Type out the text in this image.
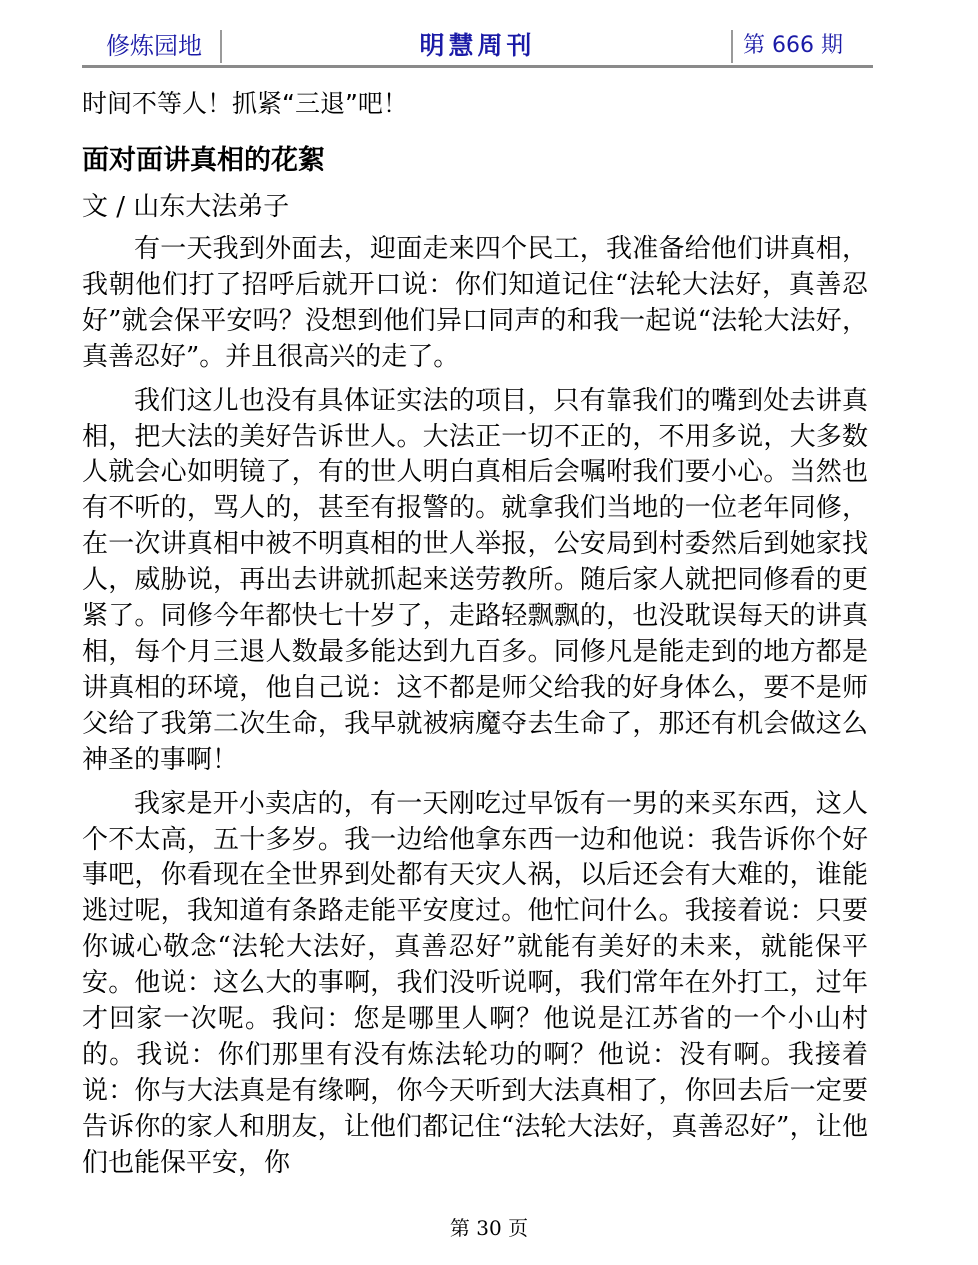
修炼园地	明慧周刊	第 666 期

时间不等人！抓紧“三退”吧！

面对面讲真相的花絮

文 / 山东大法弟子

有一天我到外面去，迎面走来四个民工，我准备给他们讲真相，我朝他们打了招呼后就开口说：你们知道记住“法轮大法好，真善忍好”就会保平安吗？没想到他们异口同声的和我一起说“法轮大法好，真善忍好”。并且很高兴的走了。

我们这儿也没有具体证实法的项目，只有靠我们的嘴到处去讲真相，把大法的美好告诉世人。大法正一切不正的，不用多说，大多数人就会心如明镜了，有的世人明白真相后会嘱咐我们要小心。当然也有不听的，骂人的，甚至有报警的。就拿我们当地的一位老年同修，在一次讲真相中被不明真相的世人举报，公安局到村委然后到她家找人，威胁说，再出去讲就抓起来送劳教所。随后家人就把同修看的更紧了。同修今年都快七十岁了，走路轻飘飘的，也没耽误每天的讲真相，每个月三退人数最多能达到九百多。同修凡是能走到的地方都是讲真相的环境，他自己说：这不都是师父给我的好身体么，要不是师父给了我第二次生命，我早就被病魔夺去生命了，那还有机会做这么神圣的事啊！

我家是开小卖店的，有一天刚吃过早饭有一男的来买东西，这人个不太高，五十多岁。我一边给他拿东西一边和他说：我告诉你个好事吧，你看现在全世界到处都有天灾人祸，以后还会有大难的，谁能逃过呢，我知道有条路走能平安度过。他忙问什么。我接着说：只要你诚心敬念“法轮大法好，真善忍好”就能有美好的未来，就能保平安。他说：这么大的事啊，我们没听说啊，我们常年在外打工，过年才回家一次呢。我问：您是哪里人啊？他说是江苏省的一个小山村的。我说：你们那里有没有炼法轮功的啊？他说：没有啊。我接着说：你与大法真是有缘啊，你今天听到大法真相了，你回去后一定要告诉你的家人和朋友，让他们都记住“法轮大法好，真善忍好”，让他们也能保平安，你

第 30 页
